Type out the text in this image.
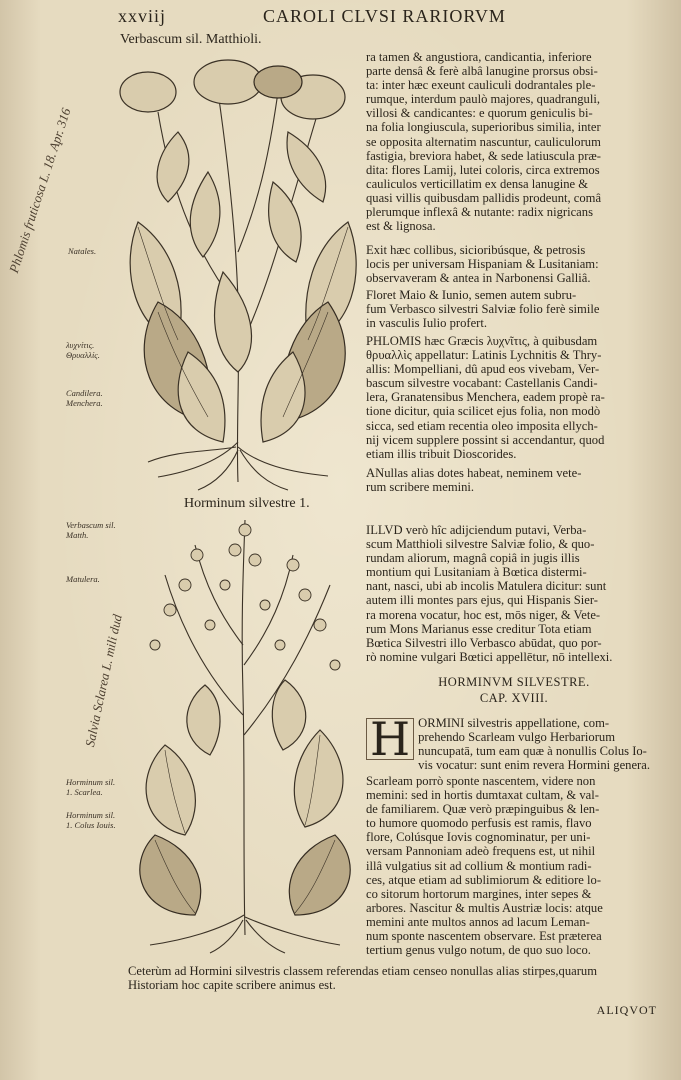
xxviij	CAROLI CLVSI RARIORVM
Verbascum sil. Matthioli.
Horminum silvestre 1.
Phlomis fruticosa L. 18. Apr. 316
Salvia Sclarea L. mili dud
Natales.
λυχνίτις. Θρυαλλίς.
Candilera. Menchera.
Verbascum sil. Matth.
Matulera.
Horminum sil. 1. Scarlea.
Horminum sil. 1. Colus Iouis.
ra tamen & angustiora, candicantia, inferiore
parte densâ & ferè albâ lanugine prorsus obsi-
ta: inter hæc exeunt cauliculi dodrantales ple-
rumque, interdum paulò majores, quadranguli,
villosi & candicantes: e quorum geniculis bi-
na folia longiuscula, superioribus similia, inter
se opposita alternatim nascuntur, cauliculorum
fastigia, breviora habet, & sede latiuscula præ-
dita: flores Lamij, lutei coloris, circa extremos
cauliculos verticillatim ex densa lanugine &
quasi villis quibusdam pallidis prodeunt, comâ
plerumque inflexâ & nutante: radix nigricans
est & lignosa.
Exit hæc collibus, sicioribúsque, & petrosis
locis per universam Hispaniam & Lusitaniam:
observaveram & antea in Narbonensi Galliâ.
Floret Maio & Iunio, semen autem subru-
fum Verbasco silvestri Salviæ folio ferè simile
in vasculis Iulio profert.
PHLOMIS hæc Græcis λυχνῖτις, à quibusdam
θρυαλλὶς appellatur: Latinis Lychnitis & Thry-
allis: Mompelliani, dû apud eos vivebam, Ver-
bascum silvestre vocabant: Castellanis Candi-
lera, Granatensibus Menchera, eadem propè ra-
tione dicitur, quia scilicet ejus folia, non modò
sicca, sed etiam recentia oleo imposita ellych-
nij vicem supplere possint si accendantur, quod
etiam illis tribuit Dioscorides.
ANullas alias dotes habeat, neminem vete-
rum scribere memini.
ILLVD verò hîc adijciendum putavi, Verba-
scum Matthioli silvestre Salviæ folio, & quo-
rundam aliorum, magnâ copiâ in jugis illis
montium qui Lusitaniam à Bœtica distermi-
nant, nasci, ubi ab incolis Matulera dicitur: sunt
autem illi montes pars ejus, qui Hispanis Sier-
ra morena vocatur, hoc est, mōs niger, & Vete-
rum Mons Marianus esse creditur Tota etiam
Bœtica Silvestri illo Verbasco abūdat, quo por-
rò nomine vulgari Bœtici appellētur, nō intellexi.
HORMINVM SILVESTRE.
CAP. XVIII.
H ORMINI silvestris appellatione, com-
prehendo Scarleam vulgo Herbariorum
nuncupatā, tum eam quæ à nonullis Colus Io-
vis vocatur: sunt enim revera Hormini genera.
Scarleam porrò sponte nascentem, videre non
memini: sed in hortis dumtaxat cultam, & val-
de familiarem. Quæ verò præpinguibus & len-
to humore quomodo perfusis est ramis, flavo
flore, Colúsque Iovis cognominatur, per uni-
versam Pannoniam adeò frequens est, ut nihil
illâ vulgatius sit ad collium & montium radi-
ces, atque etiam ad sublimiorum & editiore lo-
co sitorum hortorum margines, inter sepes &
arbores. Nascitur & multis Austriæ locis: atque
memini ante multos annos ad lacum Leman-
num sponte nascentem observare. Est præterea
tertium genus vulgo notum, de quo suo loco.
Ceterùm ad Hormini silvestris classem referendas etiam censeo nonullas alias stirpes,quarum Historiam hoc capite scribere animus est.
ALIQVOT
